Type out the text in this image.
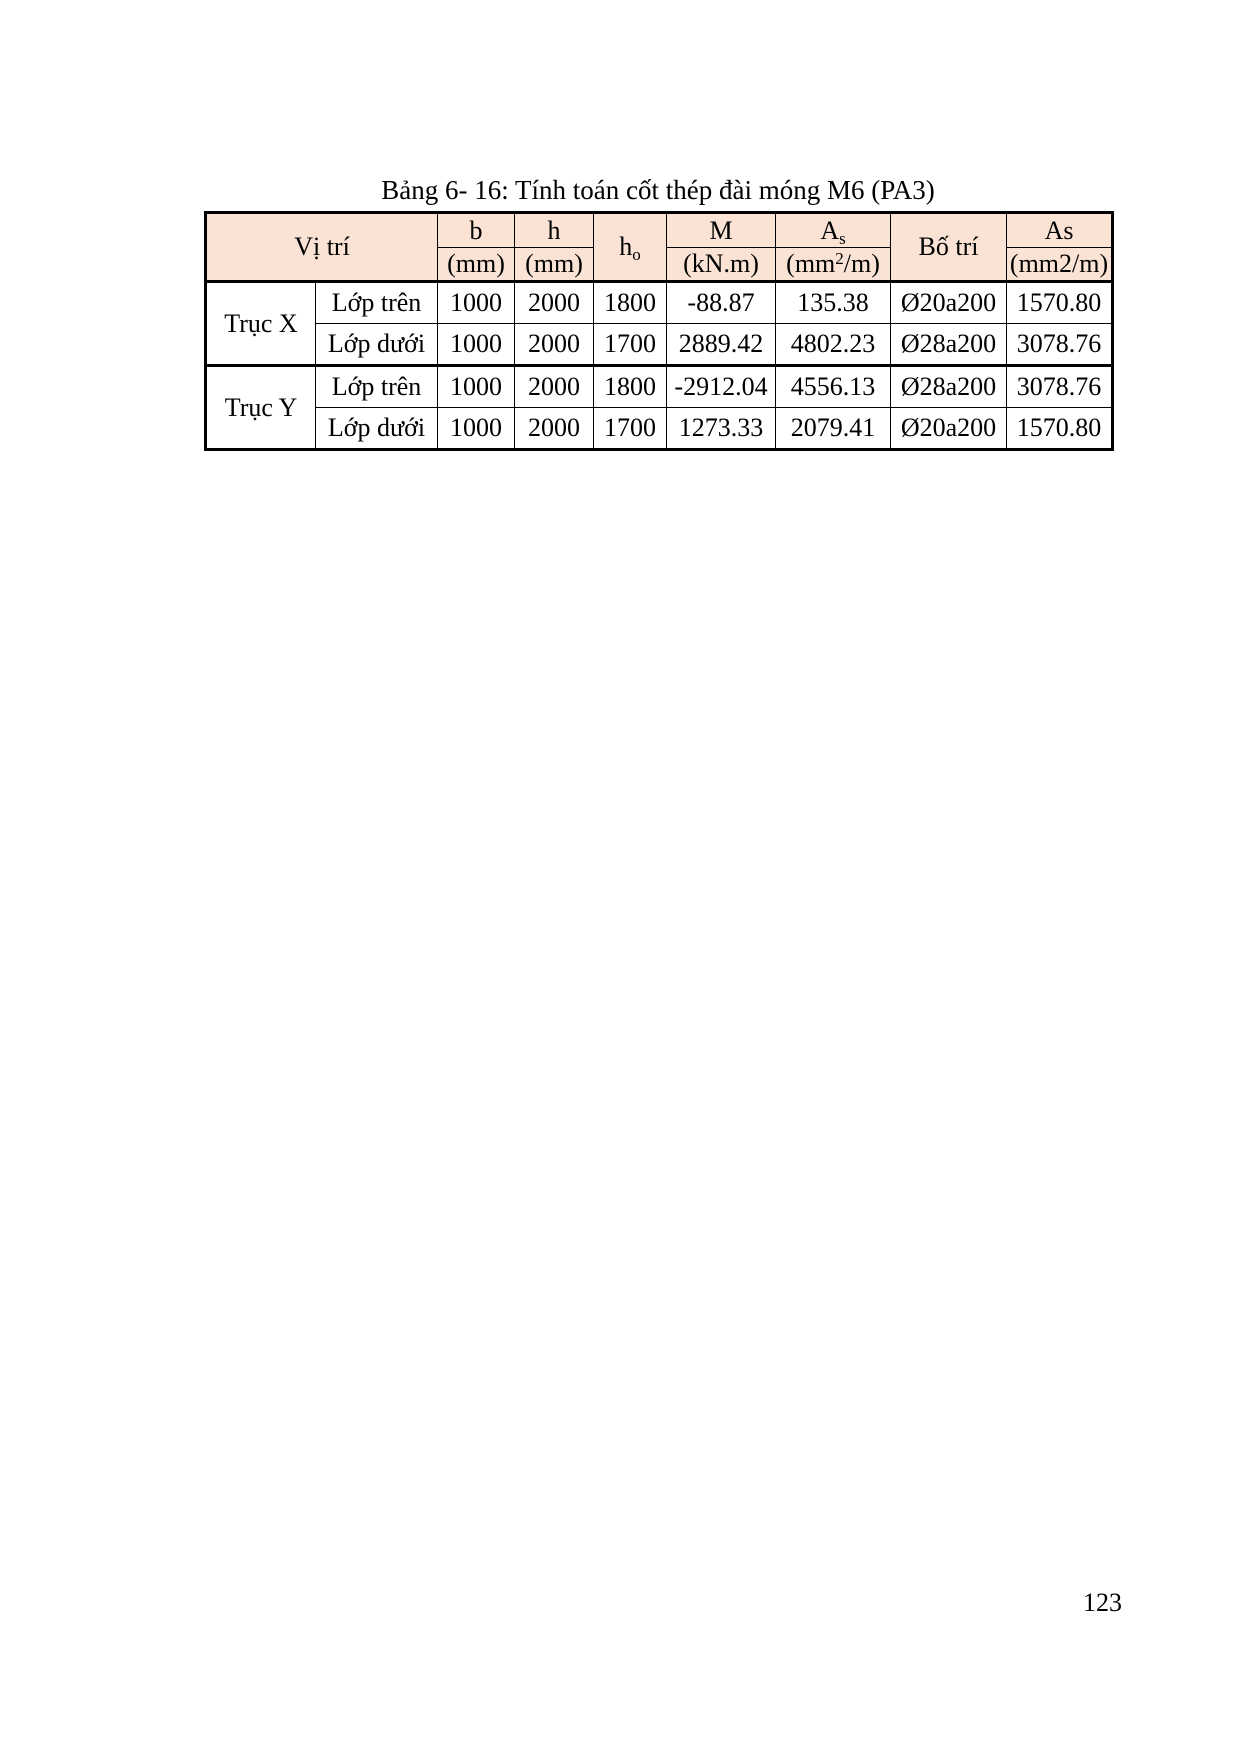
Bảng 6- 16: Tính toán cốt thép đài móng M6 (PA3)
Vị trí		b	h	$h_o$	M	$A_s$	Bố trí	As
		(mm)	(mm)		(kN.m)	$(mm^2/m)$		(mm2/m)
Trục X	Lớp trên	1000	2000	1800	-88.87	135.38	Ø20a200	1570.80
	Lớp dưới	1000	2000	1700	2889.42	4802.23	Ø28a200	3078.76
Trục Y	Lớp trên	1000	2000	1800	-2912.04	4556.13	Ø28a200	3078.76
	Lớp dưới	1000	2000	1700	1273.33	2079.41	Ø20a200	1570.80
123
